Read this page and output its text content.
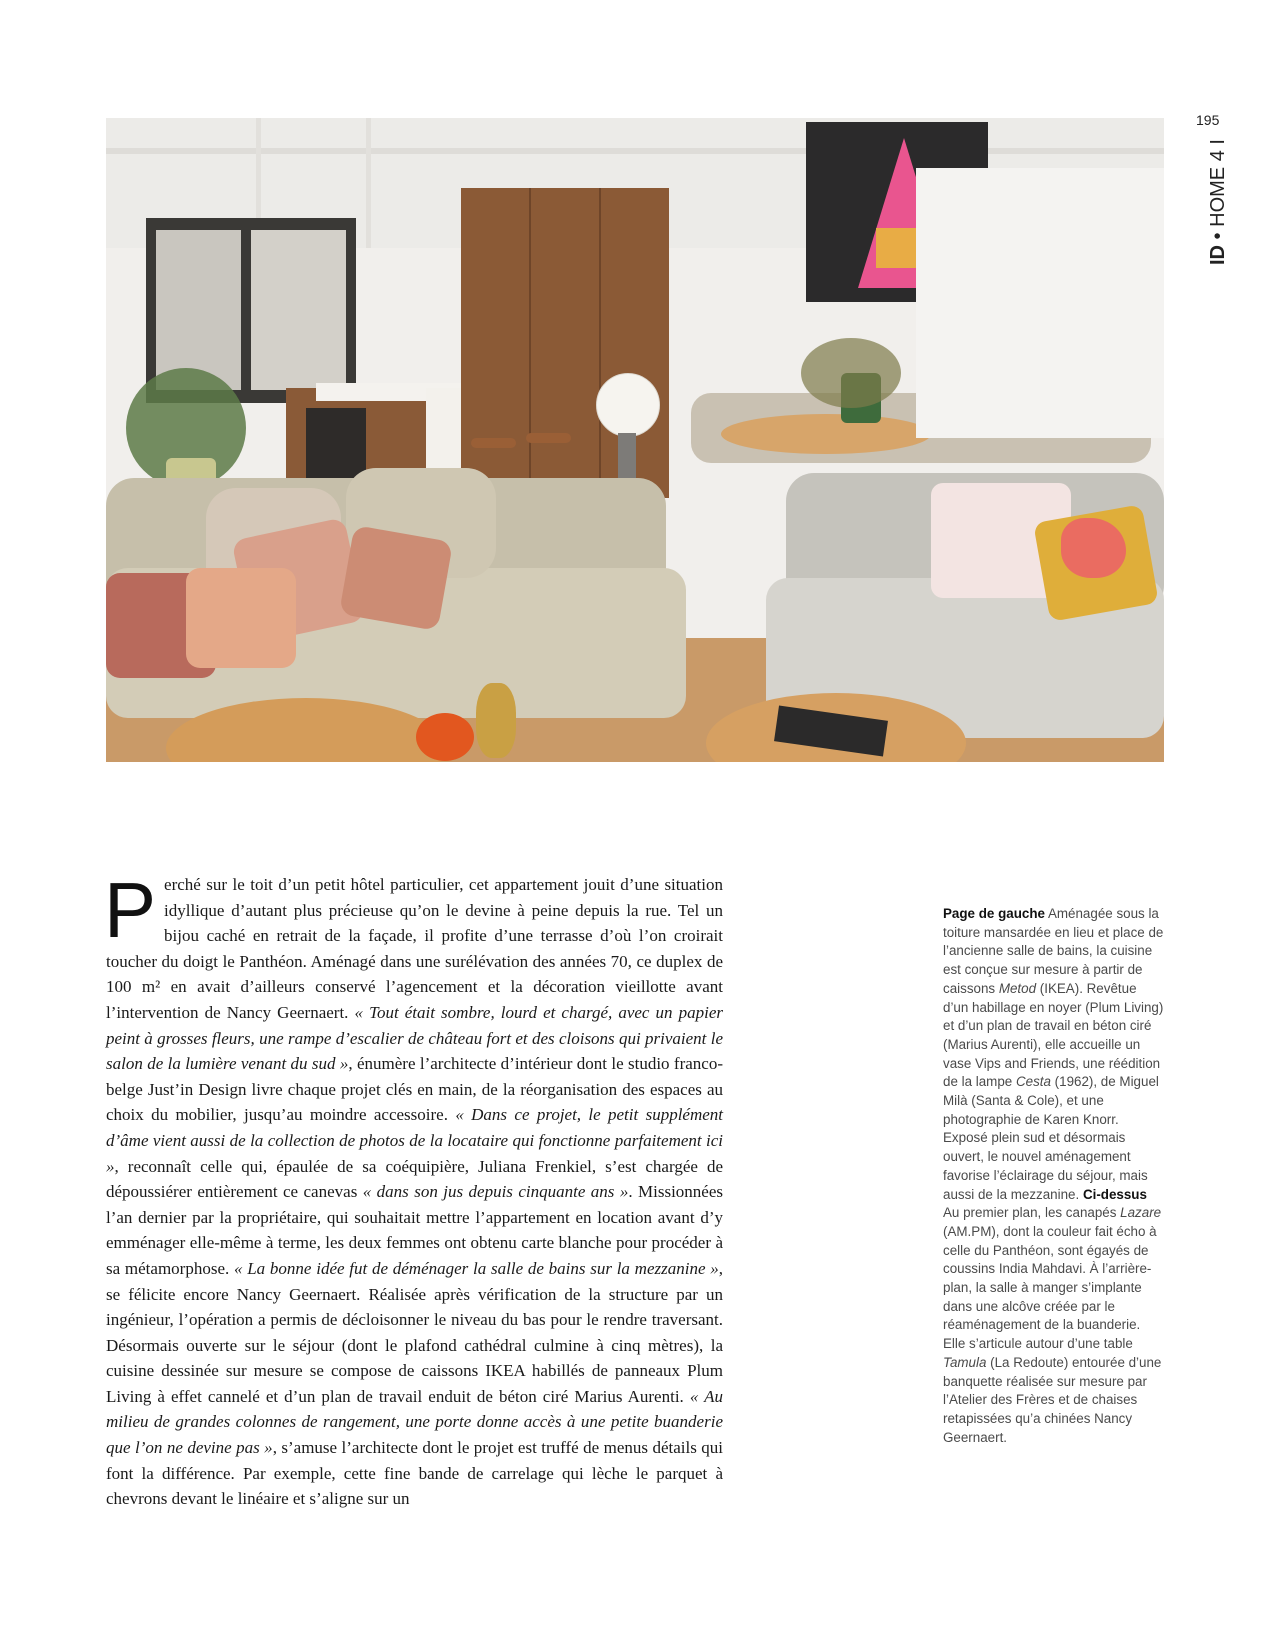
195
ID • HOME 4 I
P erché sur le toit d’un petit hôtel particulier, cet appartement jouit d’une situation idyllique d’autant plus précieuse qu’on le devine à peine depuis la rue. Tel un bijou caché en retrait de la façade, il profite d’une terrasse d’où l’on croirait toucher du doigt le Panthéon. Aménagé dans une surélévation des années 70, ce duplex de 100 m² en avait d’ailleurs conservé l’agencement et la décoration vieillotte avant l’intervention de Nancy Geernaert. « Tout était sombre, lourd et chargé, avec un papier peint à grosses fleurs, une rampe d’escalier de château fort et des cloisons qui privaient le salon de la lumière venant du sud », énumère l’architecte d’intérieur dont le studio franco-belge Just’in Design livre chaque projet clés en main, de la réorganisation des espaces au choix du mobilier, jusqu’au moindre accessoire. « Dans ce projet, le petit supplément d’âme vient aussi de la collection de photos de la locataire qui fonctionne parfaitement ici », reconnaît celle qui, épaulée de sa coéquipière, Juliana Frenkiel, s’est chargée de dépoussiérer entièrement ce canevas « dans son jus depuis cinquante ans ». Missionnées l’an dernier par la propriétaire, qui souhaitait mettre l’appartement en location avant d’y emménager elle-même à terme, les deux femmes ont obtenu carte blanche pour procéder à sa métamorphose. « La bonne idée fut de déménager la salle de bains sur la mezzanine », se félicite encore Nancy Geernaert. Réalisée après vérification de la structure par un ingénieur, l’opération a permis de décloisonner le niveau du bas pour le rendre traversant. Désormais ouverte sur le séjour (dont le plafond cathédral culmine à cinq mètres), la cuisine dessinée sur mesure se compose de caissons IKEA habillés de panneaux Plum Living à effet cannelé et d’un plan de travail enduit de béton ciré Marius Aurenti. « Au milieu de grandes colonnes de rangement, une porte donne accès à une petite buanderie que l’on ne devine pas », s’amuse l’architecte dont le projet est truffé de menus détails qui font la différence. Par exemple, cette fine bande de carrelage qui lèche le parquet à chevrons devant le linéaire et s’aligne sur un
Page de gauche Aménagée sous la toiture mansardée en lieu et place de l’ancienne salle de bains, la cuisine est conçue sur mesure à partir de caissons Metod (IKEA). Revêtue d’un habillage en noyer (Plum Living) et d’un plan de travail en béton ciré (Marius Aurenti), elle accueille un vase Vips and Friends, une réédition de la lampe Cesta (1962), de Miguel Milà (Santa & Cole), et une photographie de Karen Knorr. Exposé plein sud et désormais ouvert, le nouvel aménagement favorise l’éclairage du séjour, mais aussi de la mezzanine. Ci-dessus Au premier plan, les canapés Lazare (AM.PM), dont la couleur fait écho à celle du Panthéon, sont égayés de coussins India Mahdavi. À l’arrière-plan, la salle à manger s’implante dans une alcôve créée par le réaménagement de la buanderie. Elle s’articule autour d’une table Tamula (La Redoute) entourée d’une banquette réalisée sur mesure par l’Atelier des Frères et de chaises retapissées qu’a chinées Nancy Geernaert.
